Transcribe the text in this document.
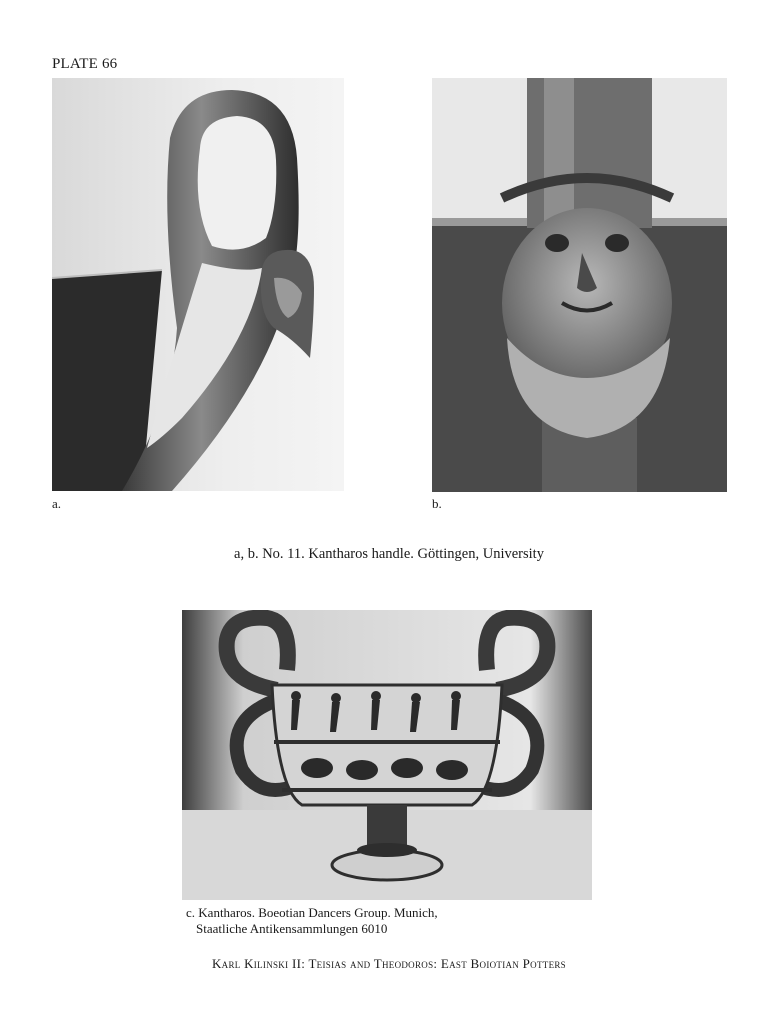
PLATE 66
a.	b.
a, b. No. 11. Kantharos handle. Göttingen, University
c. Kantharos. Boeotian Dancers Group. Munich,
Staatliche Antikensammlungen 6010
Karl Kilinski II: Teisias and Theodoros: East Boiotian Potters
